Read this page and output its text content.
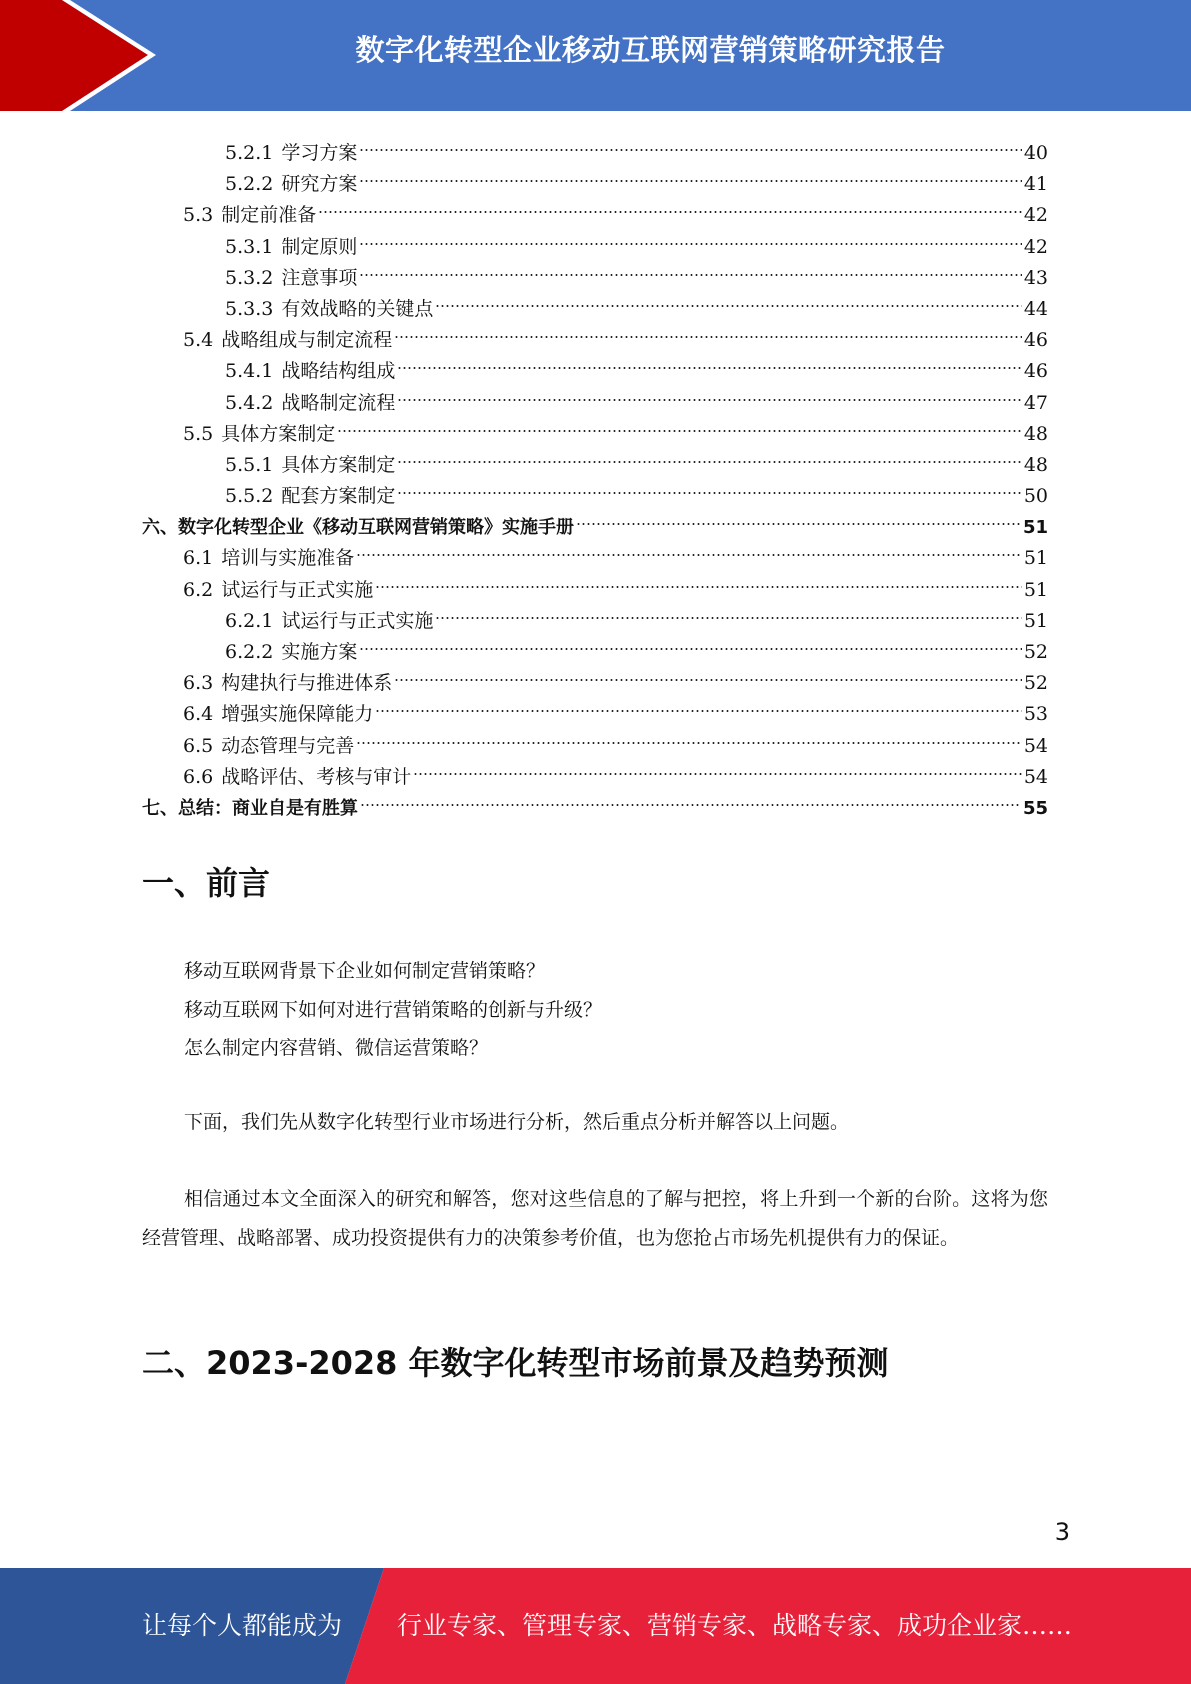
数字化转型企业移动互联网营销策略研究报告
5.2.1 学习方案	40
5.2.2 研究方案	41
5.3 制定前准备	42
5.3.1 制定原则	42
5.3.2 注意事项	43
5.3.3 有效战略的关键点	44
5.4 战略组成与制定流程	46
5.4.1 战略结构组成	46
5.4.2 战略制定流程	47
5.5 具体方案制定	48
5.5.1 具体方案制定	48
5.5.2 配套方案制定	50
六、数字化转型企业《移动互联网营销策略》实施手册	51
6.1 培训与实施准备	51
6.2 试运行与正式实施	51
6.2.1 试运行与正式实施	51
6.2.2 实施方案	52
6.3 构建执行与推进体系	52
6.4 增强实施保障能力	53
6.5 动态管理与完善	54
6.6 战略评估、考核与审计	54
七、总结：商业自是有胜算	55
一、前言

移动互联网背景下企业如何制定营销策略？

移动互联网下如何对进行营销策略的创新与升级？

怎么制定内容营销、微信运营策略？

下面，我们先从数字化转型行业市场进行分析，然后重点分析并解答以上问题。

相信通过本文全面深入的研究和解答，您对这些信息的了解与把控，将上升到一个新的台阶。这将为您经营管理、战略部署、成功投资提供有力的决策参考价值，也为您抢占市场先机提供有力的保证。

二、2023-2028 年数字化转型市场前景及趋势预测
3
让每个人都能成为 行业专家、管理专家、营销专家、战略专家、成功企业家……
